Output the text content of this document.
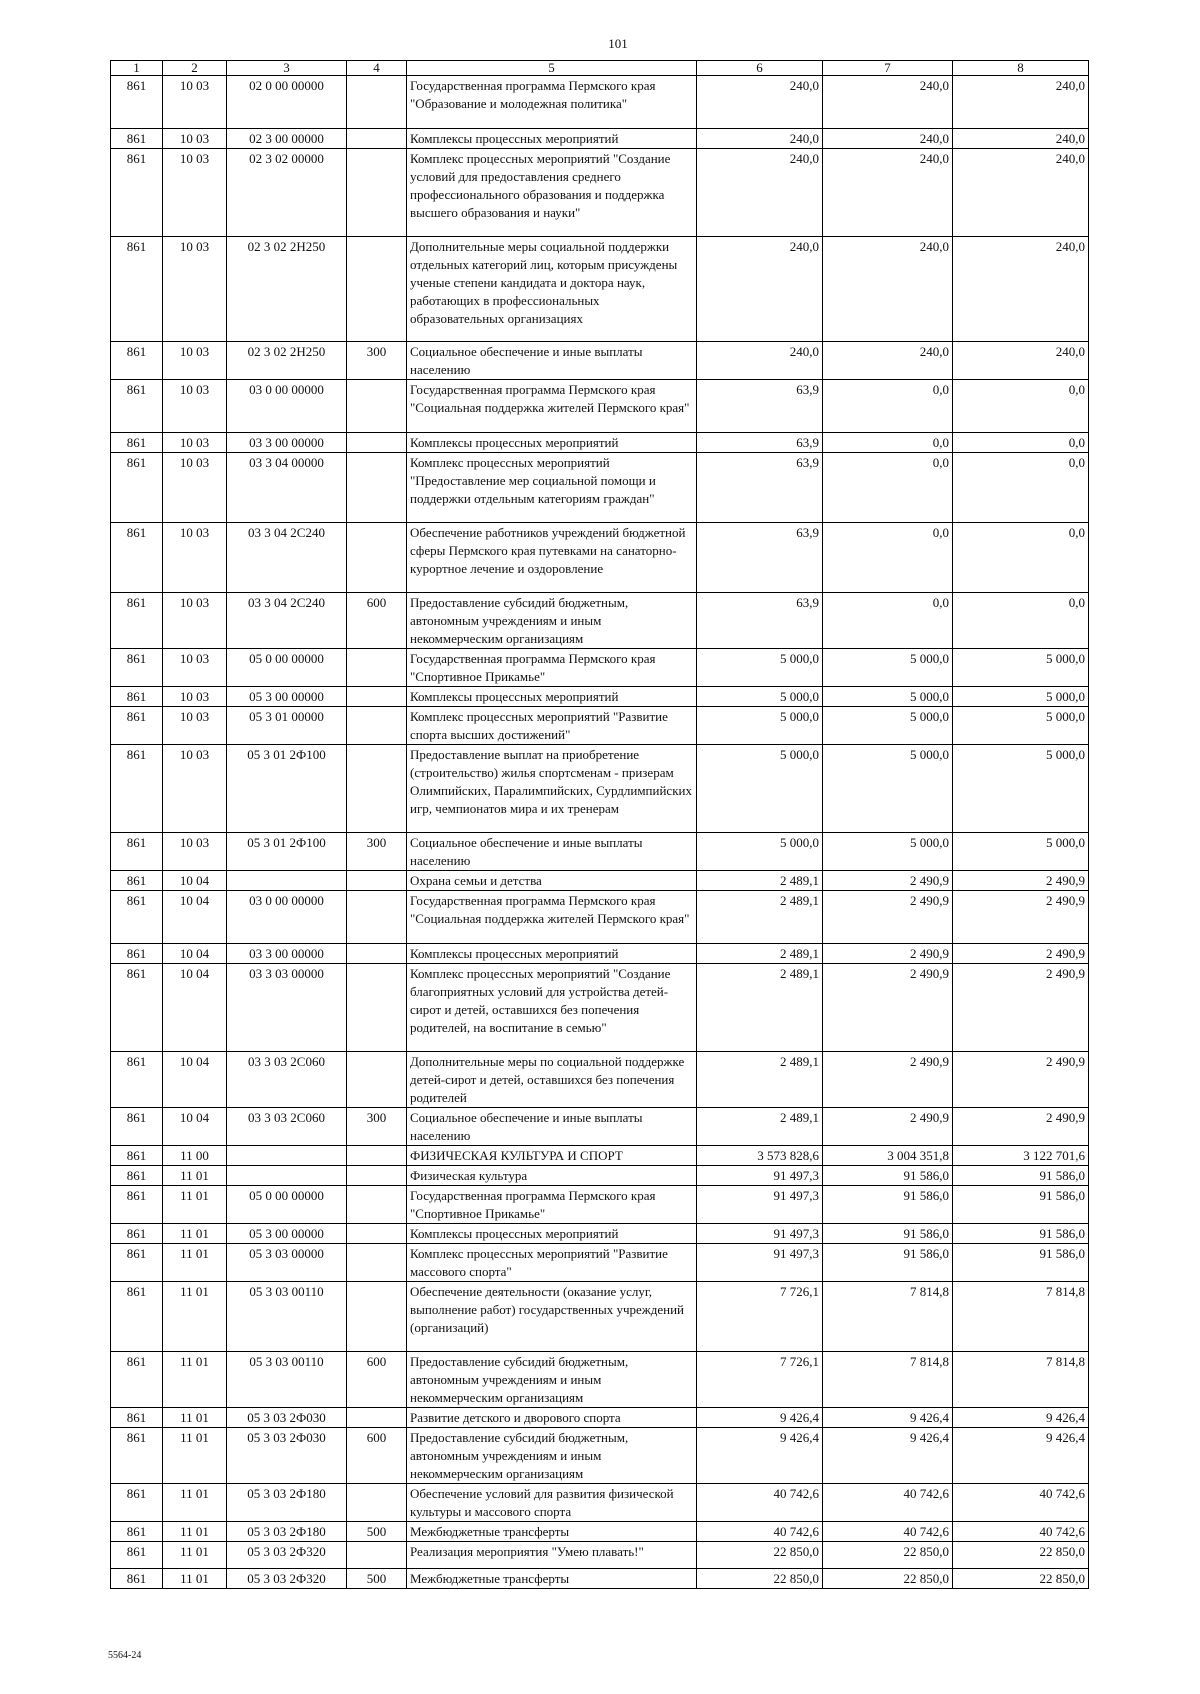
101
1	2	3	4	5	6	7	8
861	10 03	02 0 00 00000		Государственная программа Пермского края "Образование и молодежная политика"	240,0	240,0	240,0
861	10 03	02 3 00 00000		Комплексы процессных мероприятий	240,0	240,0	240,0
861	10 03	02 3 02 00000		Комплекс процессных мероприятий "Создание условий для предоставления среднего профессионального образования и поддержка высшего образования и науки"	240,0	240,0	240,0
861	10 03	02 3 02 2Н250		Дополнительные меры социальной поддержки отдельных категорий лиц, которым присуждены ученые степени кандидата и доктора наук, работающих в профессиональных образовательных организациях	240,0	240,0	240,0
861	10 03	02 3 02 2Н250	300	Социальное обеспечение и иные выплаты населению	240,0	240,0	240,0
861	10 03	03 0 00 00000		Государственная программа Пермского края "Социальная поддержка жителей Пермского края"	63,9	0,0	0,0
861	10 03	03 3 00 00000		Комплексы процессных мероприятий	63,9	0,0	0,0
861	10 03	03 3 04 00000		Комплекс процессных мероприятий "Предоставление мер социальной помощи и поддержки отдельным категориям граждан"	63,9	0,0	0,0
861	10 03	03 3 04 2С240		Обеспечение работников учреждений бюджетной сферы Пермского края путевками на санаторно-курортное лечение и оздоровление	63,9	0,0	0,0
861	10 03	03 3 04 2С240	600	Предоставление субсидий бюджетным, автономным учреждениям и иным некоммерческим организациям	63,9	0,0	0,0
861	10 03	05 0 00 00000		Государственная программа Пермского края "Спортивное Прикамье"	5 000,0	5 000,0	5 000,0
861	10 03	05 3 00 00000		Комплексы процессных мероприятий	5 000,0	5 000,0	5 000,0
861	10 03	05 3 01 00000		Комплекс процессных мероприятий "Развитие спорта высших достижений"	5 000,0	5 000,0	5 000,0
861	10 03	05 3 01 2Ф100		Предоставление выплат на приобретение (строительство) жилья спортсменам - призерам Олимпийских, Паралимпийских, Сурдлимпийских игр, чемпионатов мира и их тренерам	5 000,0	5 000,0	5 000,0
861	10 03	05 3 01 2Ф100	300	Социальное обеспечение и иные выплаты населению	5 000,0	5 000,0	5 000,0
861	10 04			Охрана семьи и детства	2 489,1	2 490,9	2 490,9
861	10 04	03 0 00 00000		Государственная программа Пермского края "Социальная поддержка жителей Пермского края"	2 489,1	2 490,9	2 490,9
861	10 04	03 3 00 00000		Комплексы процессных мероприятий	2 489,1	2 490,9	2 490,9
861	10 04	03 3 03 00000		Комплекс процессных мероприятий "Создание благоприятных условий для устройства детей-сирот и детей, оставшихся без попечения родителей, на воспитание в семью"	2 489,1	2 490,9	2 490,9
861	10 04	03 3 03 2С060		Дополнительные меры по социальной поддержке детей-сирот и детей, оставшихся без попечения родителей	2 489,1	2 490,9	2 490,9
861	10 04	03 3 03 2С060	300	Социальное обеспечение и иные выплаты населению	2 489,1	2 490,9	2 490,9
861	11 00			ФИЗИЧЕСКАЯ КУЛЬТУРА И СПОРТ	3 573 828,6	3 004 351,8	3 122 701,6
861	11 01			Физическая культура	91 497,3	91 586,0	91 586,0
861	11 01	05 0 00 00000		Государственная программа Пермского края "Спортивное Прикамье"	91 497,3	91 586,0	91 586,0
861	11 01	05 3 00 00000		Комплексы процессных мероприятий	91 497,3	91 586,0	91 586,0
861	11 01	05 3 03 00000		Комплекс процессных мероприятий "Развитие массового спорта"	91 497,3	91 586,0	91 586,0
861	11 01	05 3 03 00110		Обеспечение деятельности (оказание услуг, выполнение работ) государственных учреждений (организаций)	7 726,1	7 814,8	7 814,8
861	11 01	05 3 03 00110	600	Предоставление субсидий бюджетным, автономным учреждениям и иным некоммерческим организациям	7 726,1	7 814,8	7 814,8
861	11 01	05 3 03 2Ф030		Развитие детского и дворового спорта	9 426,4	9 426,4	9 426,4
861	11 01	05 3 03 2Ф030	600	Предоставление субсидий бюджетным, автономным учреждениям и иным некоммерческим организациям	9 426,4	9 426,4	9 426,4
861	11 01	05 3 03 2Ф180		Обеспечение условий для развития физической культуры и массового спорта	40 742,6	40 742,6	40 742,6
861	11 01	05 3 03 2Ф180	500	Межбюджетные трансферты	40 742,6	40 742,6	40 742,6
861	11 01	05 3 03 2Ф320		Реализация мероприятия "Умею плавать!"	22 850,0	22 850,0	22 850,0
861	11 01	05 3 03 2Ф320	500	Межбюджетные трансферты	22 850,0	22 850,0	22 850,0
5564-24
